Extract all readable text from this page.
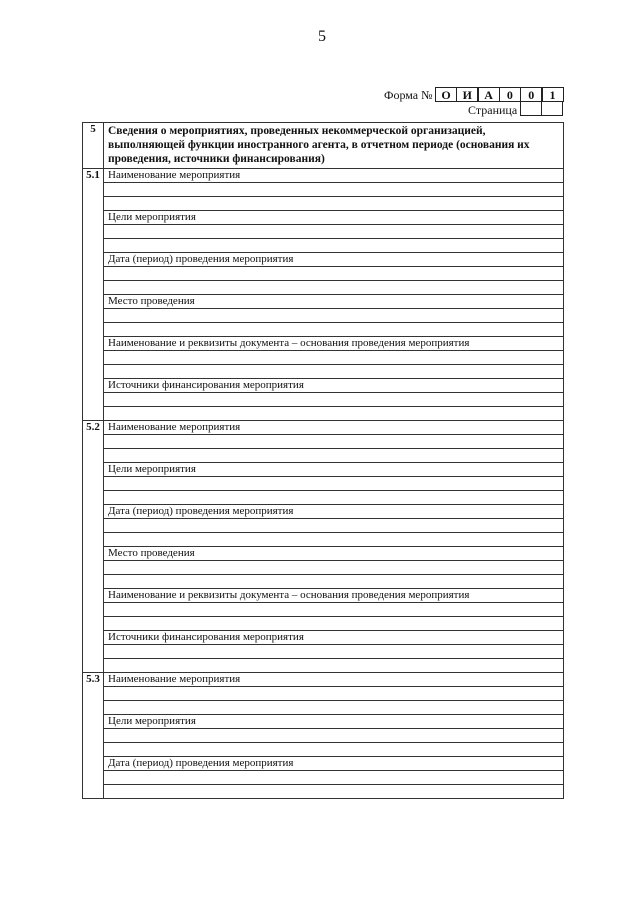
5
Форма № О И	А	0	0	1
Страница
5	Сведения о мероприятиях, проведенных некоммерческой организацией, выполняющей функции иностранного агента, в отчетном периоде (основания их проведения, источники финансирования)
5.1	Наименование мероприятия

	Цели мероприятия

	Дата (период) проведения мероприятия

	Место проведения

	Наименование и реквизиты документа – основания проведения мероприятия

	Источники финансирования мероприятия

5.2	Наименование мероприятия

	Цели мероприятия

	Дата (период) проведения мероприятия

	Место проведения

	Наименование и реквизиты документа – основания проведения мероприятия

	Источники финансирования мероприятия

5.3	Наименование мероприятия

	Цели мероприятия

	Дата (период) проведения мероприятия
